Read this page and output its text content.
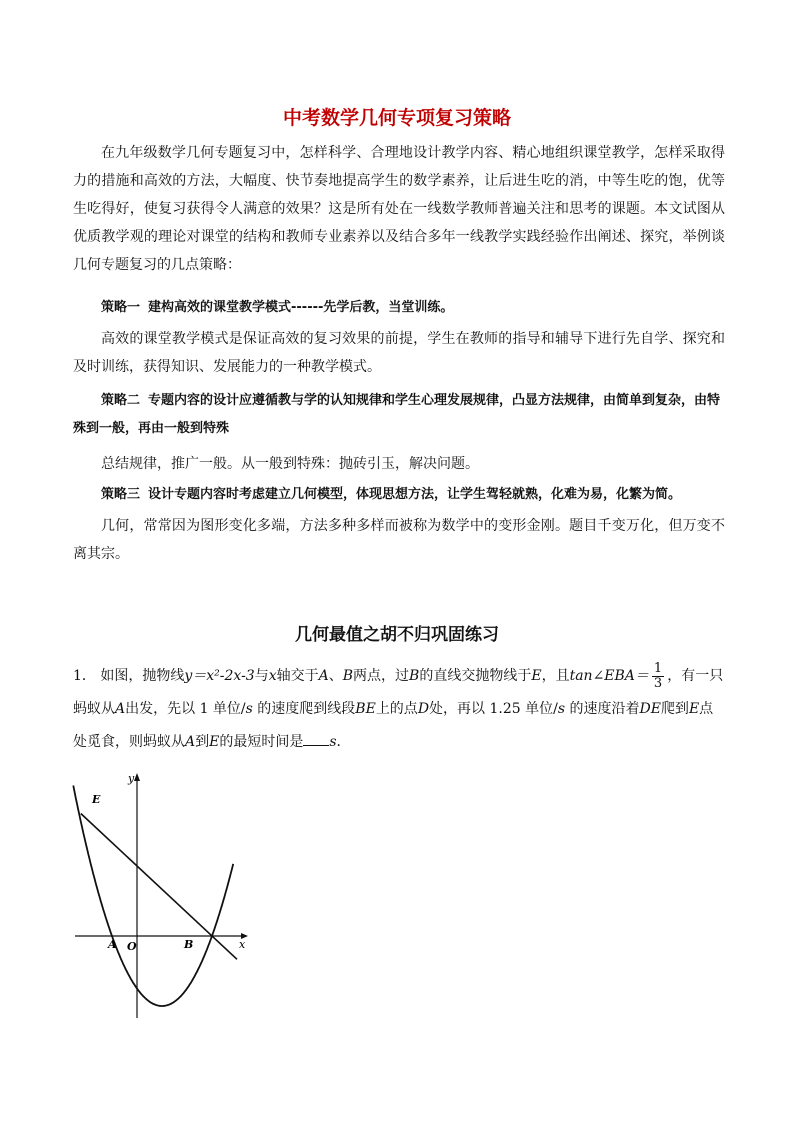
中考数学几何专项复习策略
在九年级数学几何专题复习中，怎样科学、合理地设计教学内容、精心地组织课堂教学，怎样采取得力的措施和高效的方法，大幅度、快节奏地提高学生的数学素养，让后进生吃的消，中等生吃的饱，优等生吃得好，使复习获得令人满意的效果？这是所有处在一线数学教师普遍关注和思考的课题。本文试图从优质教学观的理论对课堂的结构和教师专业素养以及结合多年一线教学实践经验作出阐述、探究，举例谈几何专题复习的几点策略：
策略一 建构高效的课堂教学模式------先学后教，当堂训练。
高效的课堂教学模式是保证高效的复习效果的前提，学生在教师的指导和辅导下进行先自学、探究和及时训练，获得知识、发展能力的一种教学模式。
策略二 专题内容的设计应遵循教与学的认知规律和学生心理发展规律，凸显方法规律，由简单到复杂，由特殊到一般，再由一般到特殊
总结规律，推广一般。从一般到特殊：抛砖引玉，解决问题。
策略三 设计专题内容时考虑建立几何模型，体现思想方法，让学生驾轻就熟，化难为易，化繁为简。
几何，常常因为图形变化多端，方法多种多样而被称为数学中的变形金刚。题目千变万化，但万变不离其宗。
几何最值之胡不归巩固练习
1． 如图，抛物线y＝x²-2x-3与x轴交于A、B两点，过B的直线交抛物线于E，且tan∠EBA＝ $\frac{1}{3}$ ，有一只蚂蚁从A出发，先以 1 单位/s 的速度爬到线段BE上的点D处，再以 1.25 单位/s 的速度沿着DE爬到E点处觅食，则蚂蚁从A到E的最短时间是 s．
E
y
A O	B	x
